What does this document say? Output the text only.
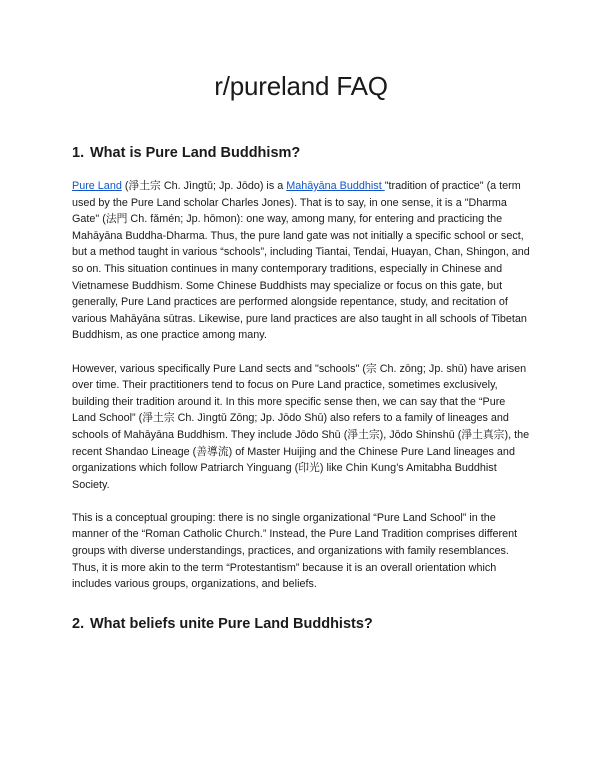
r/pureland FAQ
1. What is Pure Land Buddhism?

Pure Land (淨土宗 Ch. Jìngtǔ; Jp. Jōdo) is a Mahāyāna Buddhist "tradition of practice" (a term used by the Pure Land scholar Charles Jones). That is to say, in one sense, it is a "Dharma Gate" (法門 Ch. fǎmén; Jp. hōmon): one way, among many, for entering and practicing the Mahāyāna Buddha-Dharma. Thus, the pure land gate was not initially a specific school or sect, but a method taught in various “schools”, including Tiantai, Tendai, Huayan, Chan, Shingon, and so on. This situation continues in many contemporary traditions, especially in Chinese and Vietnamese Buddhism. Some Chinese Buddhists may specialize or focus on this gate, but generally, Pure Land practices are performed alongside repentance, study, and recitation of various Mahāyāna sūtras. Likewise, pure land practices are also taught in all schools of Tibetan Buddhism, as one practice among many.

However, various specifically Pure Land sects and "schools" (宗 Ch. zōng; Jp. shū) have arisen over time. Their practitioners tend to focus on Pure Land practice, sometimes exclusively, building their tradition around it. In this more specific sense then, we can say that the “Pure Land School” (淨土宗 Ch. Jìngtǔ Zōng; Jp. Jōdo Shū) also refers to a family of lineages and schools of Mahāyāna Buddhism. They include Jōdo Shū (淨土宗), Jōdo Shinshū (淨土真宗), the recent Shandao Lineage (善導流) of Master Huijing and the Chinese Pure Land lineages and organizations which follow Patriarch Yinguang (印光) like Chin Kung’s Amitabha Buddhist Society.

This is a conceptual grouping: there is no single organizational “Pure Land School” in the manner of the “Roman Catholic Church.” Instead, the Pure Land Tradition comprises different groups with diverse understandings, practices, and organizations with family resemblances. Thus, it is more akin to the term “Protestantism” because it is an overall orientation which includes various groups, organizations, and beliefs.

2. What beliefs unite Pure Land Buddhists?
